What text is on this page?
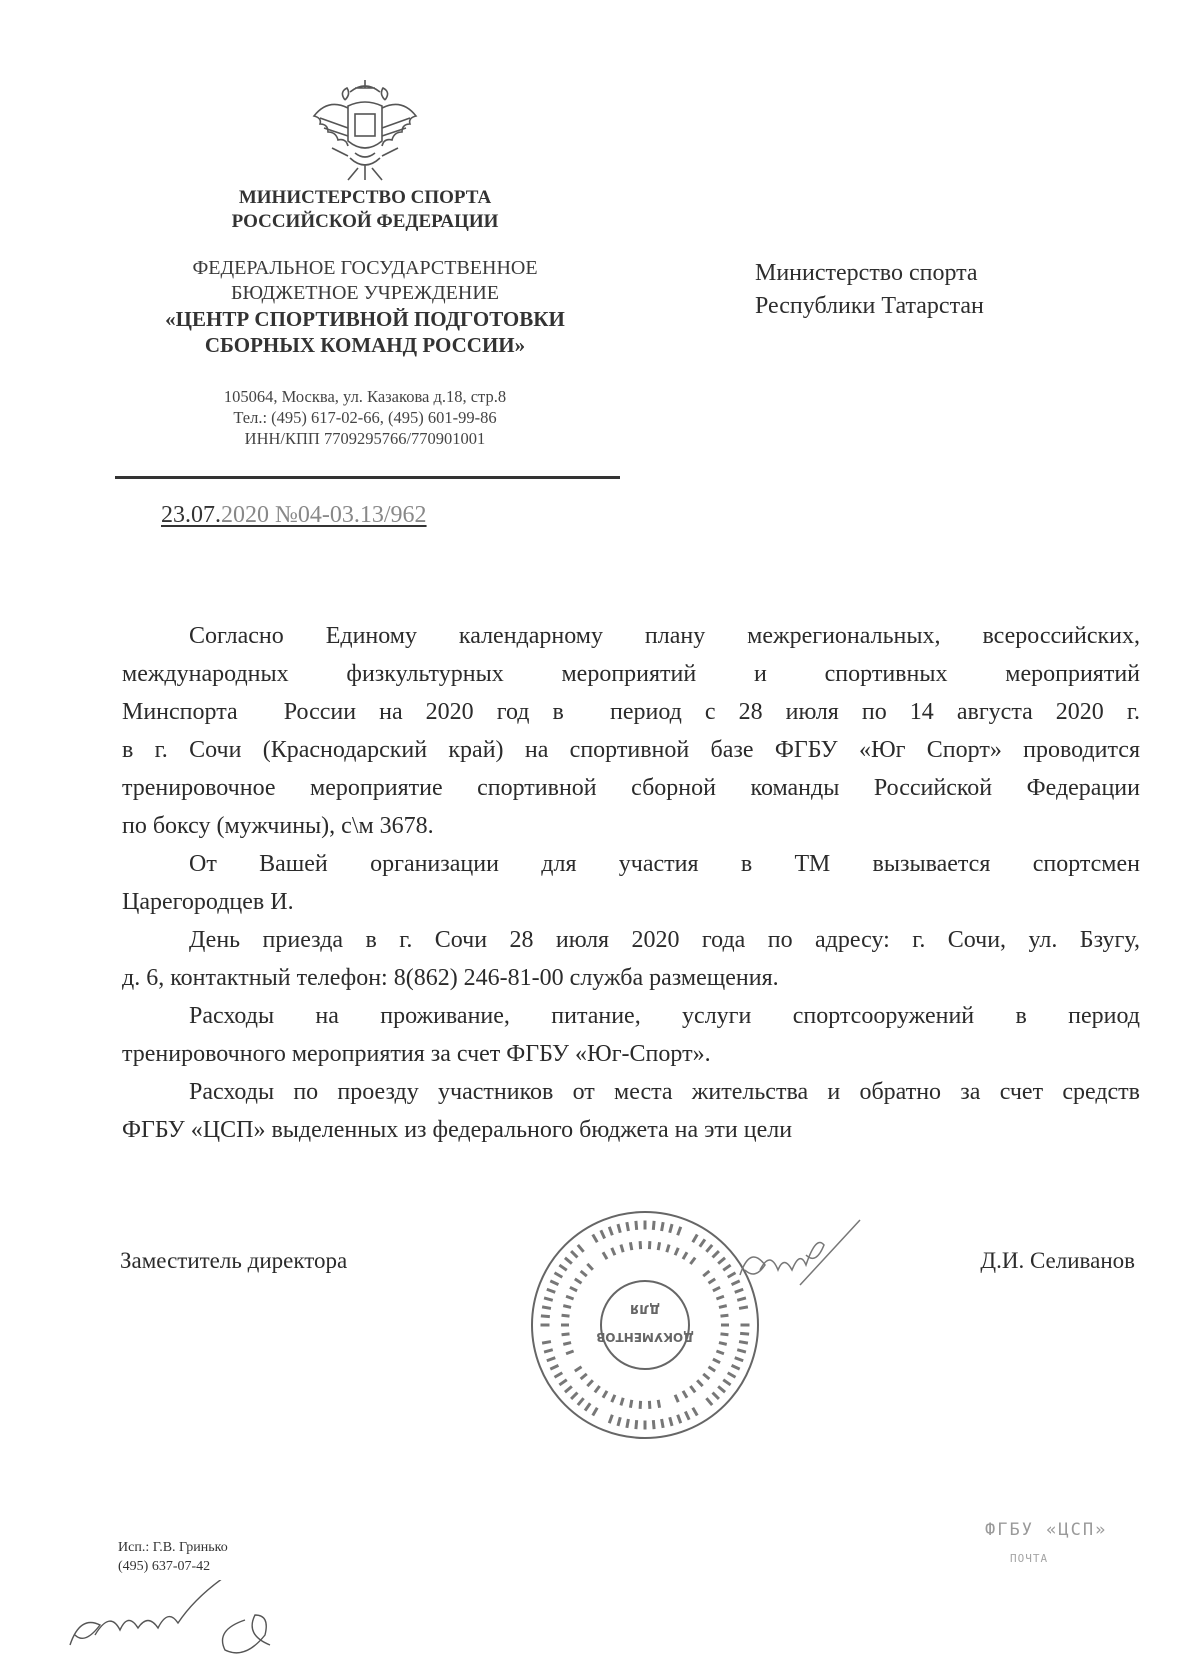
МИНИСТЕРСТВО СПОРТА
РОССИЙСКОЙ ФЕДЕРАЦИИ
ФЕДЕРАЛЬНОЕ ГОСУДАРСТВЕННОЕ
БЮДЖЕТНОЕ УЧРЕЖДЕНИЕ
«ЦЕНТР СПОРТИВНОЙ ПОДГОТОВКИ
СБОРНЫХ КОМАНД РОССИИ»
105064, Москва, ул. Казакова д.18, стр.8
Тел.: (495) 617-02-66, (495) 601-99-86
ИНН/КПП 7709295766/770901001
23.07.2020 №04-03.13/962
Министерство спорта
Республики Татарстан
Согласно Единому календарному плану межрегиональных, всероссийских,
международных физкультурных мероприятий и спортивных мероприятий
Минспорта  России на 2020 год в  период с 28 июля по 14 августа 2020 г.
в г. Сочи (Краснодарский край) на спортивной базе ФГБУ «Юг Спорт» проводится
тренировочное мероприятие спортивной сборной команды Российской Федерации
по боксу (мужчины), с\м 3678.
От Вашей организации для участия в ТМ вызывается спортсмен
Царегородцев И.
День приезда в г. Сочи 28 июля 2020 года по адресу: г. Сочи, ул. Бзугу,
д. 6, контактный телефон: 8(862) 246-81-00 служба размещения.
Расходы на проживание, питание, услуги спортсооружений в период
тренировочного мероприятия за счет ФГБУ «Юг-Спорт».
Расходы по проезду участников от места жительства и обратно за счет средств
ФГБУ «ЦСП» выделенных из федерального бюджета на эти цели
Заместитель директора	Д.И. Селиванов
ДОКУМЕНТОВ
ДЛЯ
Исп.: Г.В. Гринько
(495) 637-07-42
ФГБУ «ЦСП»
ПОЧТА
